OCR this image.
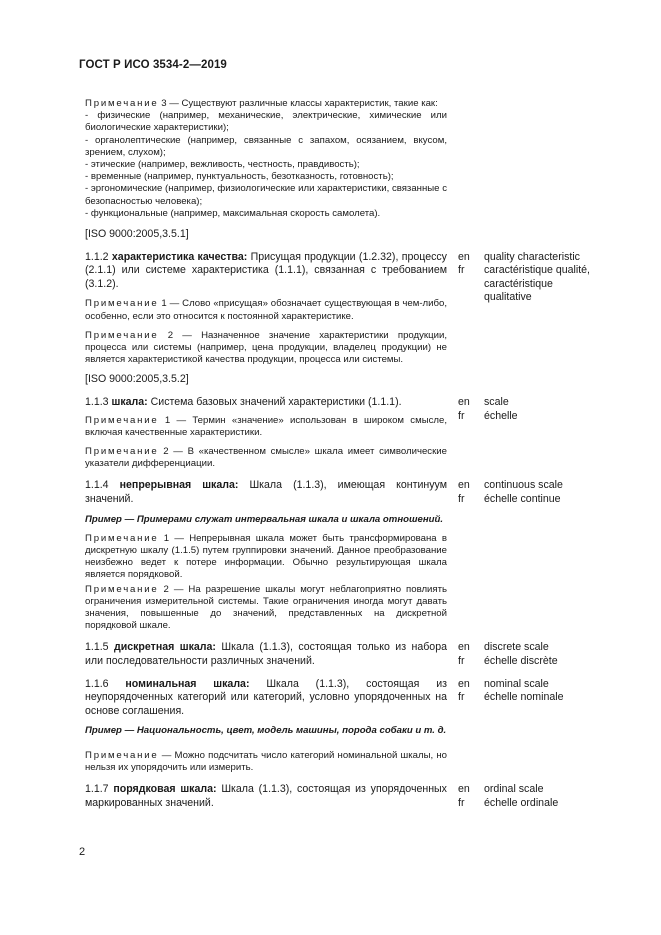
ГОСТ Р ИСО 3534-2—2019
Примечание 3 — Существуют различные классы характеристик, такие как:
- физические (например, механические, электрические, химические или биологические характеристики);
- органолептические (например, связанные с запахом, осязанием, вкусом, зрением, слухом);
- этические (например, вежливость, честность, правдивость);
- временные (например, пунктуальность, безотказность, готовность);
- эргономические (например, физиологические или характеристики, связанные с безопасностью человека);
- функциональные (например, максимальная скорость самолета).
[ISO 9000:2005,3.5.1]
1.1.2 характеристика качества: Присущая продукции (1.2.32), процессу (2.1.1) или системе характеристика (1.1.1), связанная с требованием (3.1.2).
en	quality characteristic
fr	caractéristique qualité,
caractéristique
qualitative
Примечание 1 — Слово «присущая» обозначает существующая в чем-либо, особенно, если это относится к постоянной характеристике.
Примечание 2 — Назначенное значение характеристики продукции, процесса или системы (например, цена продукции, владелец продукции) не является характеристикой качества продукции, процесса или системы.
[ISO 9000:2005,3.5.2]
1.1.3 шкала: Система базовых значений характеристики (1.1.1).	en	scale
fr	échelle
Примечание 1 — Термин «значение» использован в широком смысле, включая качественные характеристики.
Примечание 2 — В «качественном смысле» шкала имеет символические указатели дифференциации.
1.1.4 непрерывная шкала: Шкала (1.1.3), имеющая континуум значений.
en	continuous scale
fr	échelle continue
Пример — Примерами служат интервальная шкала и шкала отношений.
Примечание 1 — Непрерывная шкала может быть трансформирована в дискретную шкалу (1.1.5) путем группировки значений. Данное преобразование неизбежно ведет к потере информации. Обычно результирующая шкала является порядковой.
Примечание 2 — На разрешение шкалы могут неблагоприятно повлиять ограничения измерительной системы. Такие ограничения иногда могут давать значения, повышенные до значений, представленных на дискретной порядковой шкале.
1.1.5 дискретная шкала: Шкала (1.1.3), состоящая только из набора или последовательности различных значений.
en	discrete scale
fr	échelle discrète
1.1.6 номинальная шкала: Шкала (1.1.3), состоящая из неупорядоченных категорий или категорий, условно упорядоченных на основе соглашения.
en	nominal scale
fr	échelle nominale
Пример — Национальность, цвет, модель машины, порода собаки и т. д.
Примечание — Можно подсчитать число категорий номинальной шкалы, но нельзя их упорядочить или измерить.
1.1.7 порядковая шкала: Шкала (1.1.3), состоящая из упорядоченных маркированных значений.
en	ordinal scale
fr	échelle ordinale
2
